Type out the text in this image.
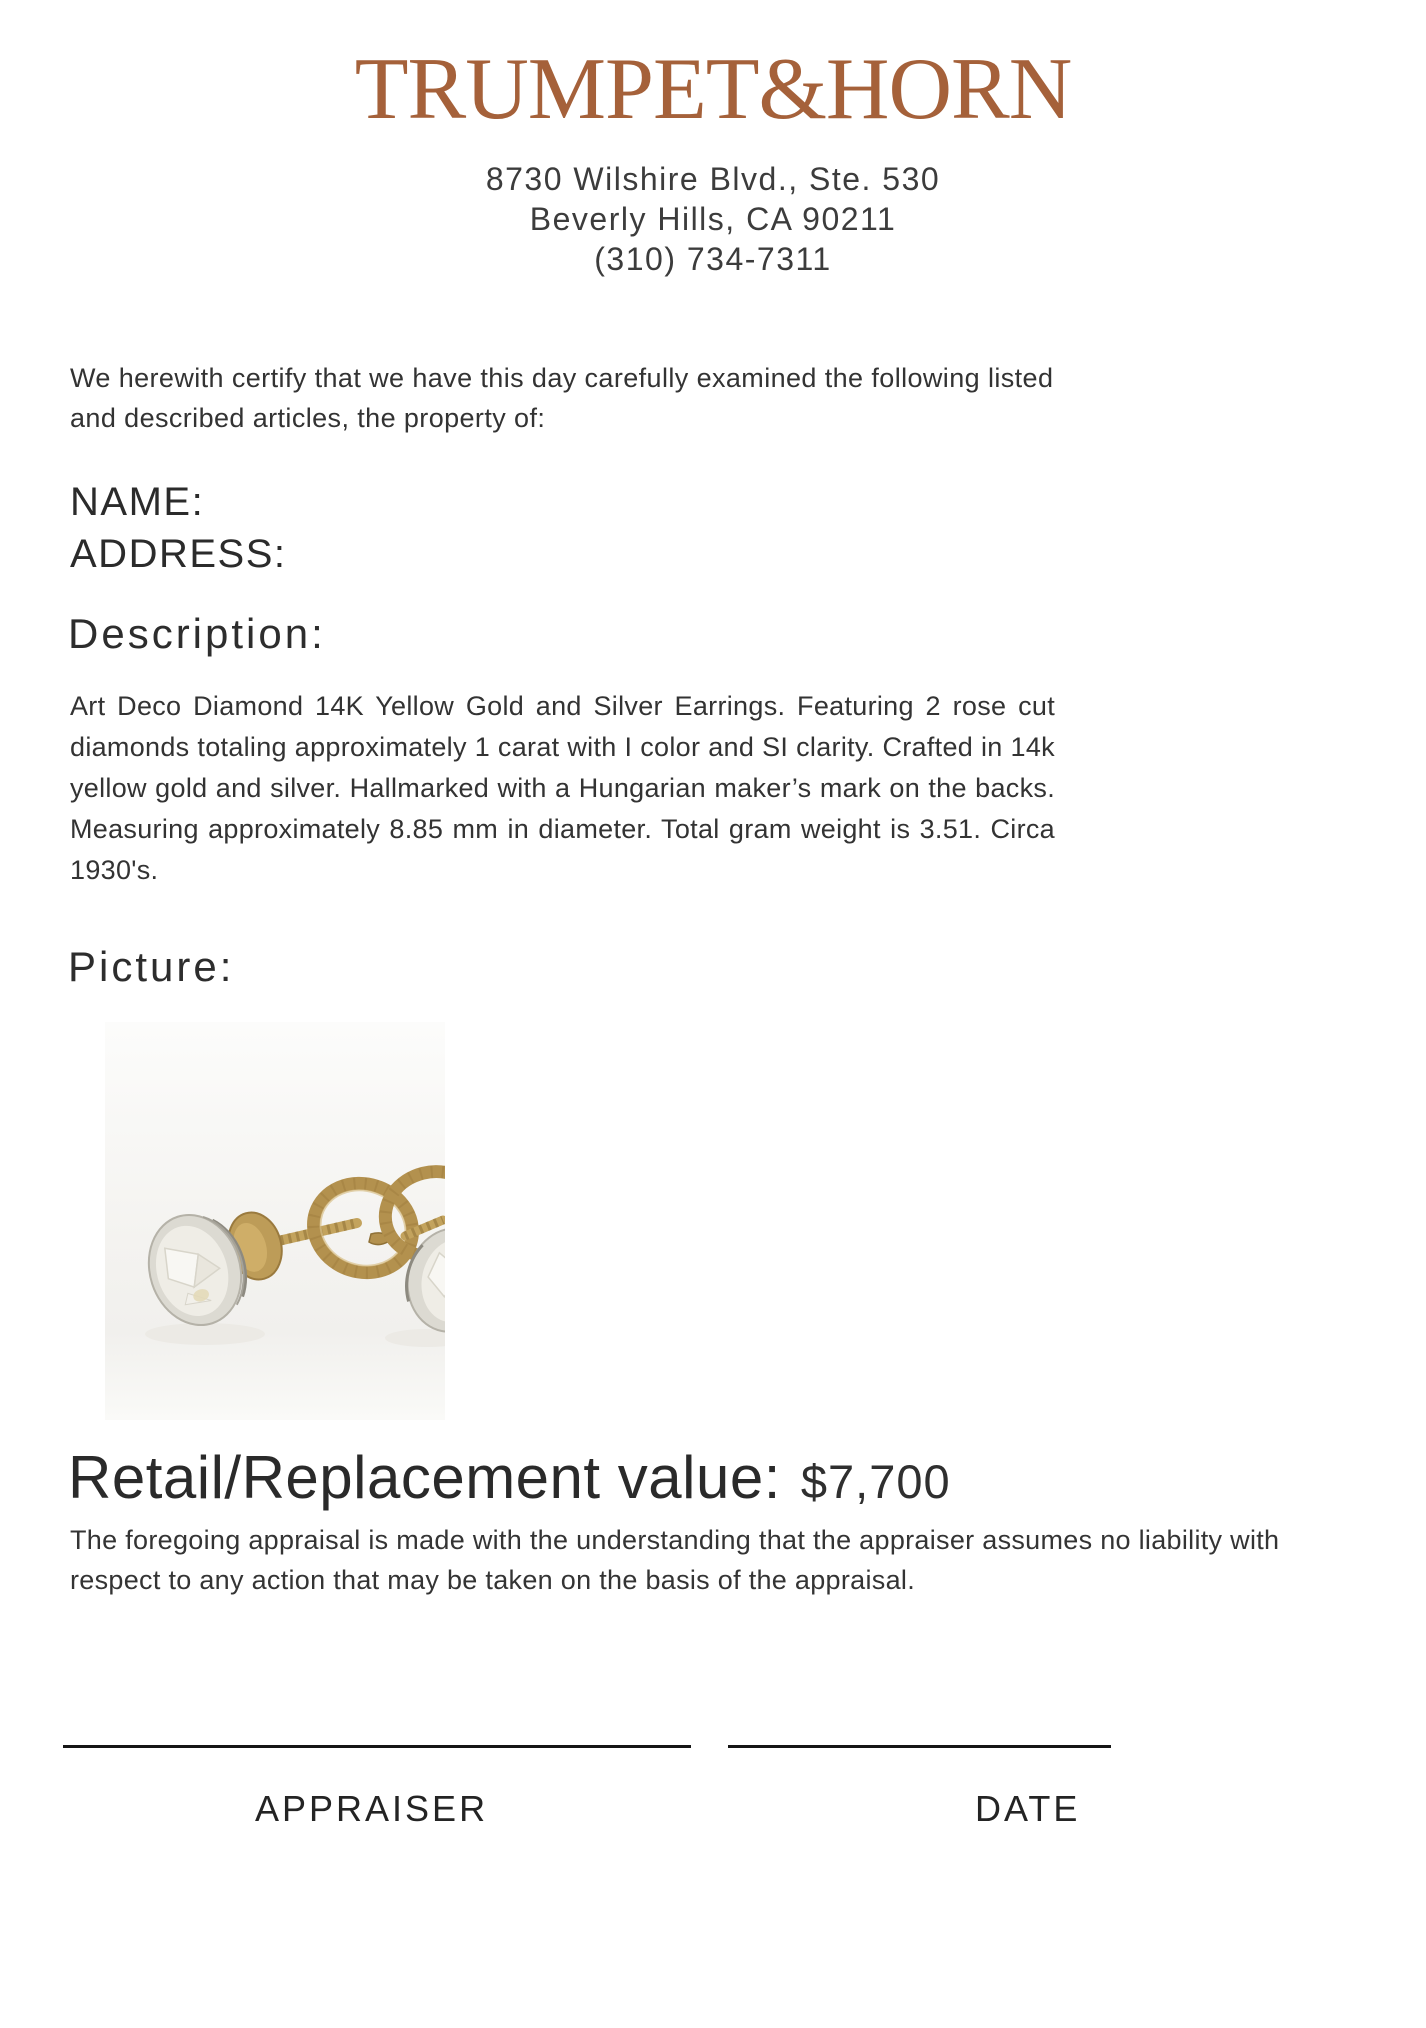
TRUMPET&HORN
8730 Wilshire Blvd., Ste. 530
Beverly Hills, CA 90211
(310) 734-7311

We herewith certify that we have this day carefully examined the following listed and described articles, the property of:

NAME:
ADDRESS:
Description:

Art Deco Diamond 14K Yellow Gold and Silver Earrings. Featuring 2 rose cut diamonds totaling approximately 1 carat with I color and SI clarity. Crafted in 14k yellow gold and silver. Hallmarked with a Hungarian maker’s mark on the backs. Measuring approximately 8.85 mm in diameter. Total gram weight is 3.51. Circa 1930's.

Picture:
Retail/Replacement value: $7,700

The foregoing appraisal is made with the understanding that the appraiser assumes no liability with respect to any action that may be taken on the basis of the appraisal.

APPRAISER	DATE
